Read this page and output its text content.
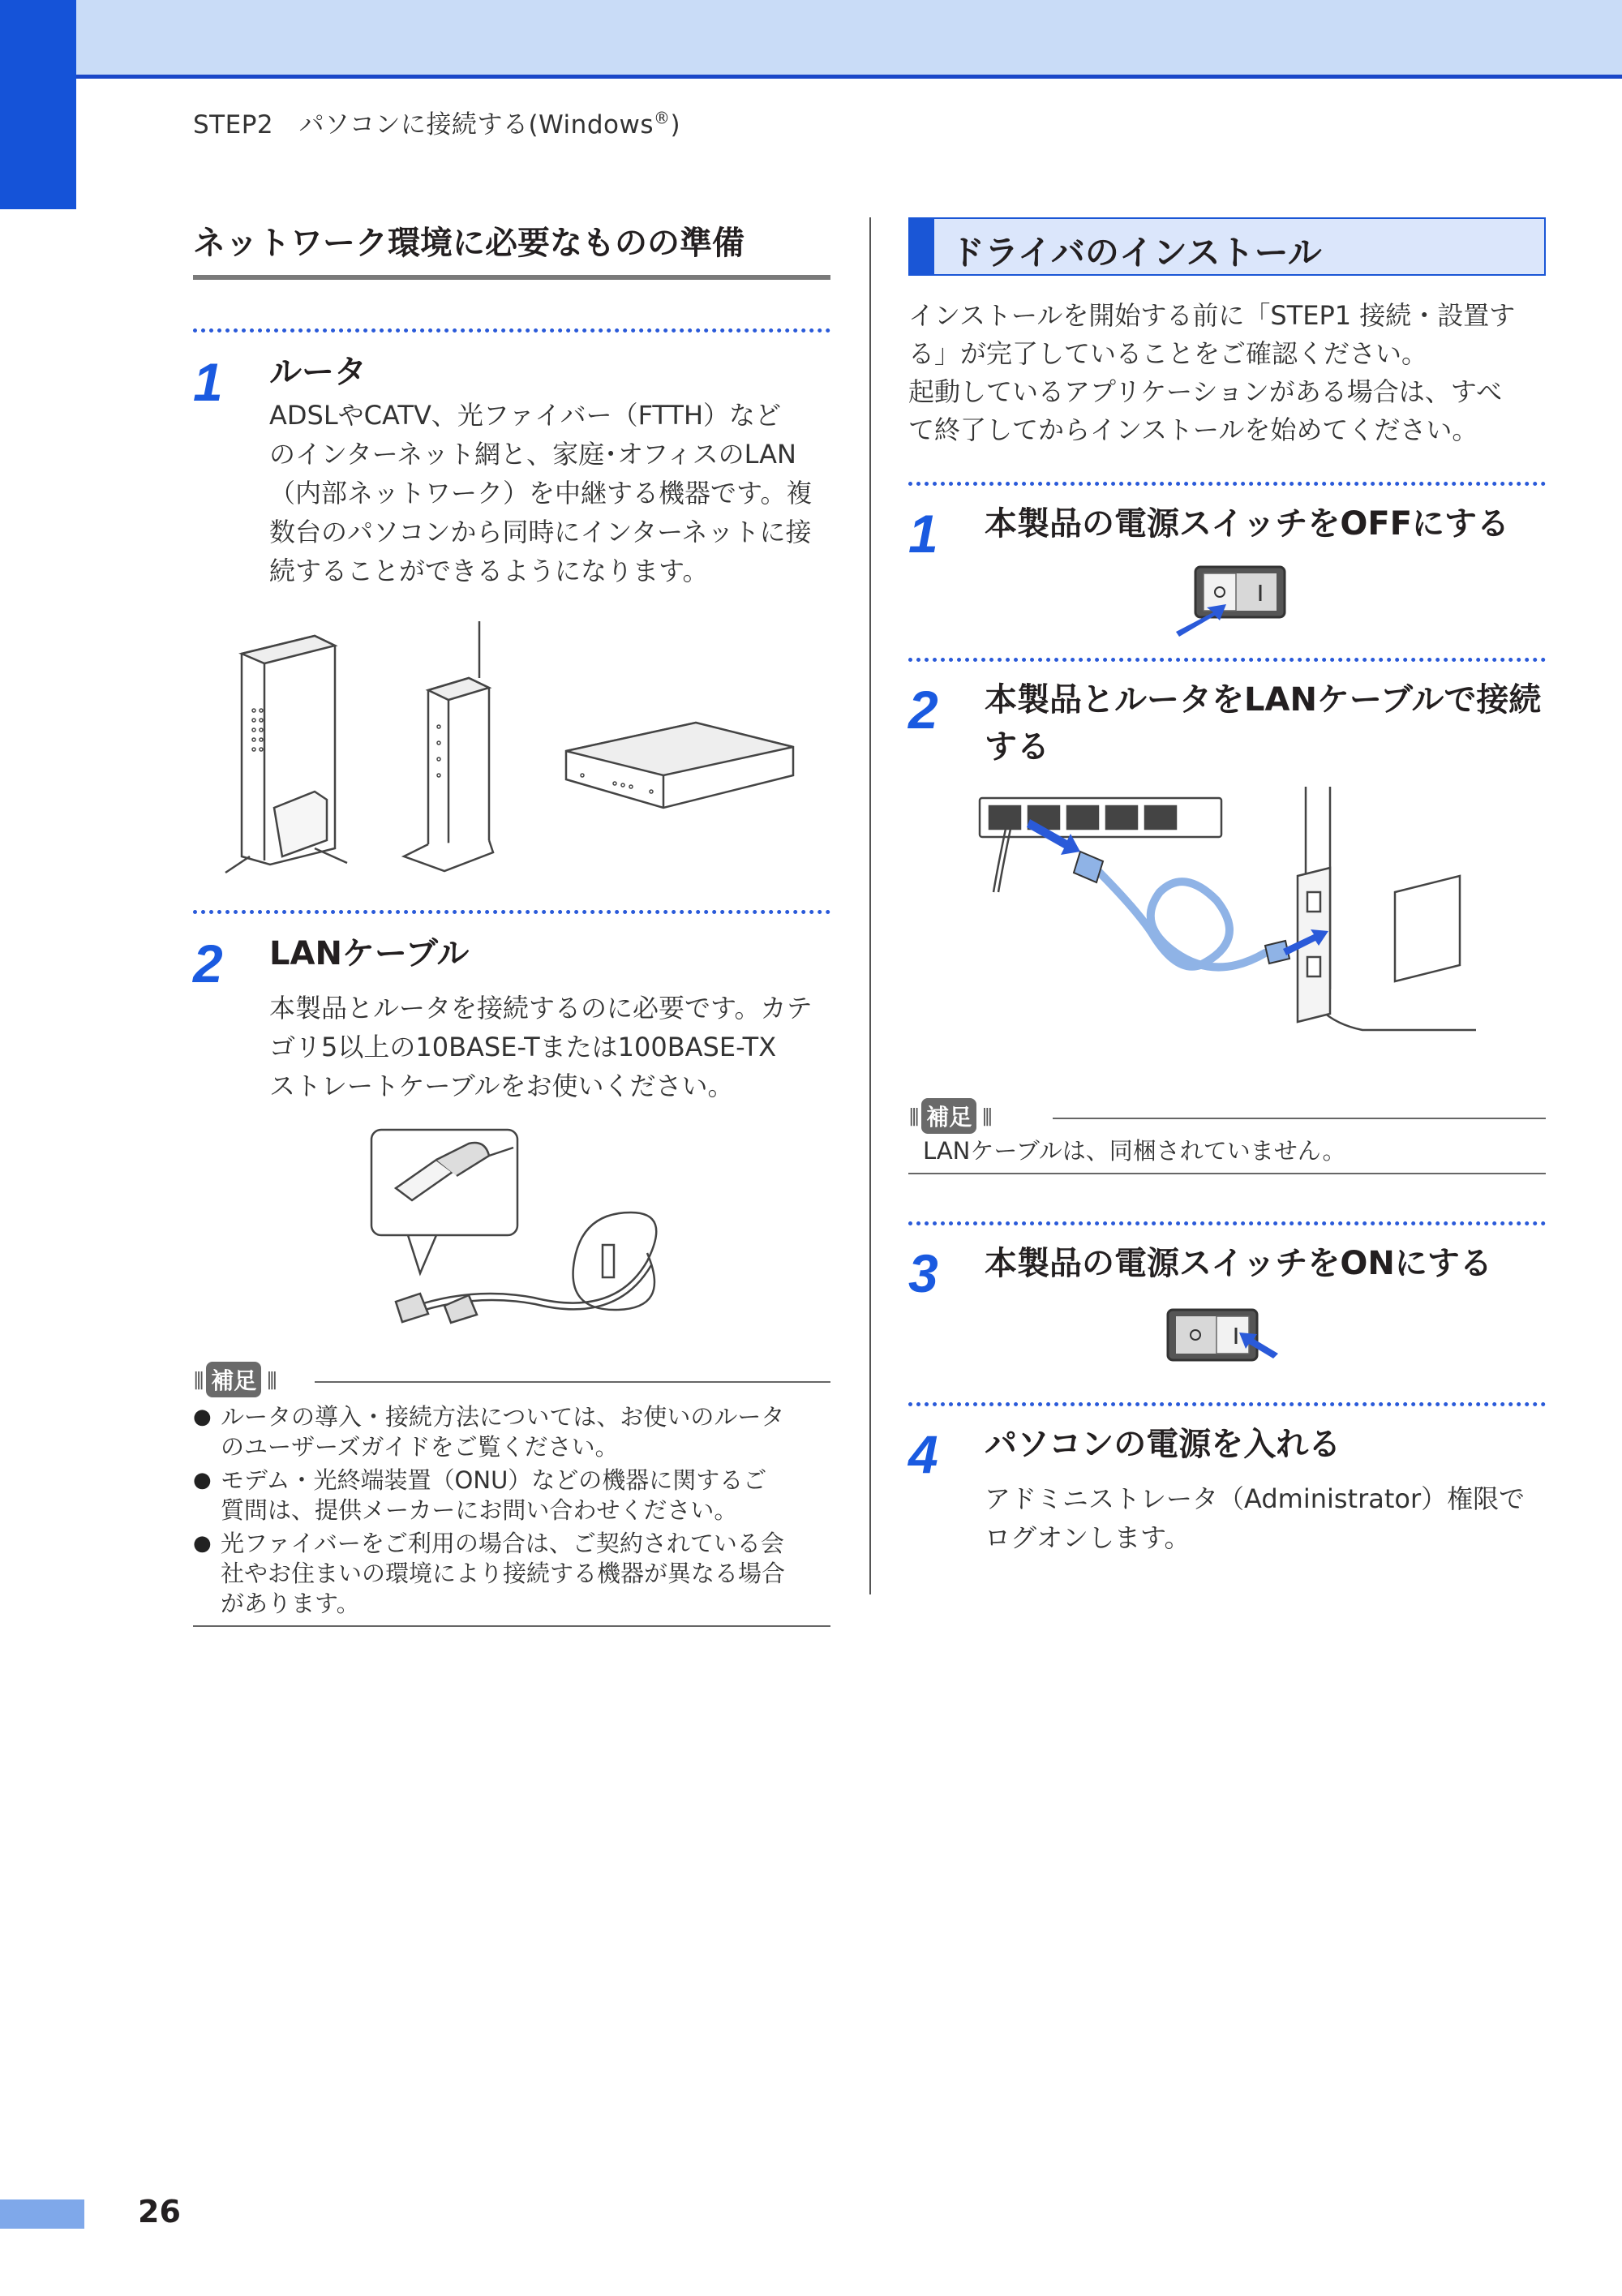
STEP2　パソコンに接続する(Windows®)
ネットワーク環境に必要なものの準備
1 ルータ
ADSLやCATV、光ファイバー（FTTH）など
のインターネット網と、家庭･オフィスのLAN
（内部ネットワーク）を中継する機器です。複
数台のパソコンから同時にインターネットに接
続することができるようになります。
2 LANケーブル
本製品とルータを接続するのに必要です。カテ
ゴリ5以上の10BASE-Tまたは100BASE-TX
ストレートケーブルをお使いください。
||| 補足 |||
● ルータの導入・接続方法については、お使いのルータ
のユーザーズガイドをご覧ください。
● モデム・光終端装置（ONU）などの機器に関するご
質問は、提供メーカーにお問い合わせください。
● 光ファイバーをご利用の場合は、ご契約されている会
社やお住まいの環境により接続する機器が異なる場合
があります。
ドライバのインストール
インストールを開始する前に「STEP1 接続・設置す
る」が完了していることをご確認ください。
起動しているアプリケーションがある場合は、すべ
て終了してからインストールを始めてください。
1 本製品の電源スイッチをOFFにする
2 本製品とルータをLANケーブルで接続
する
||| 補足 |||
LANケーブルは、同梱されていません。
3 本製品の電源スイッチをONにする
4 パソコンの電源を入れる
アドミニストレータ（Administrator）権限で
ログオンします。
26
